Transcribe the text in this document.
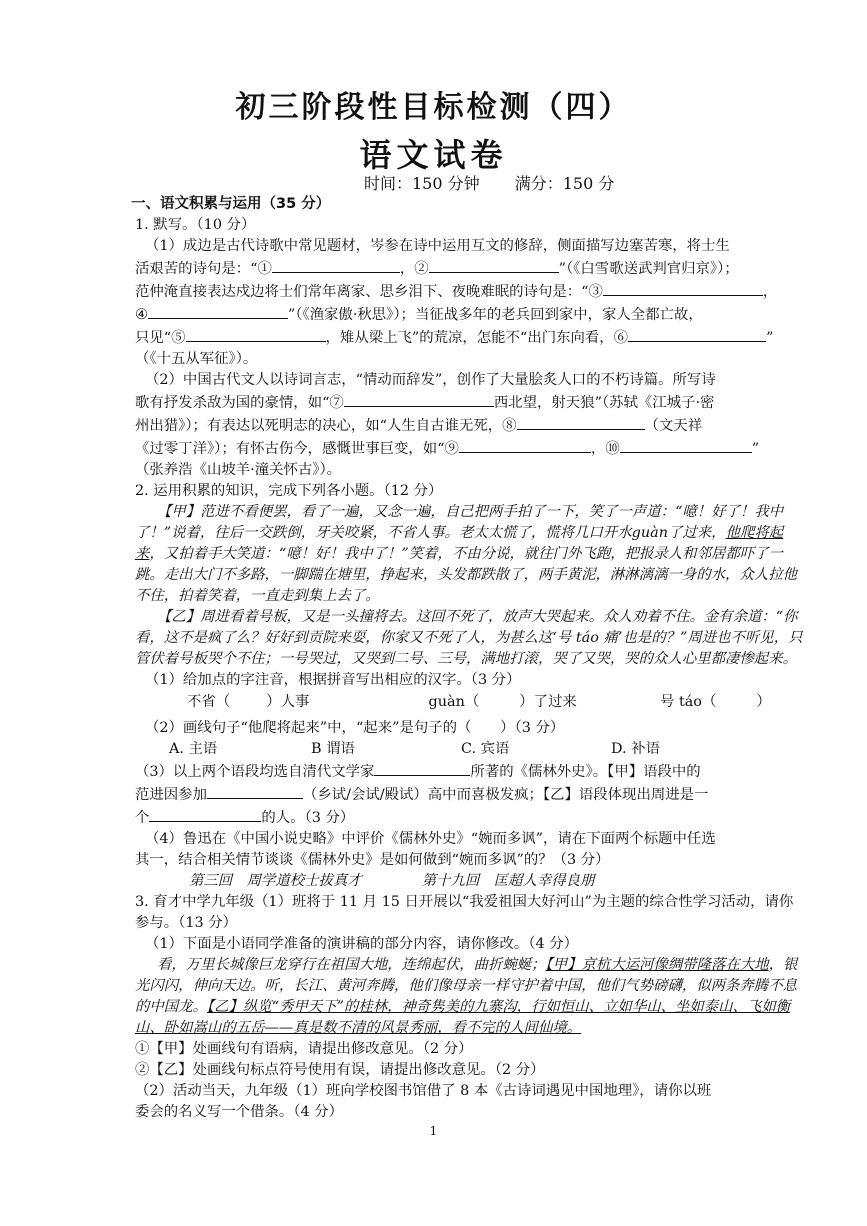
初三阶段性目标检测（四）
语文试卷
时间：150 分钟 满分：150 分
一、语文积累与运用（35 分）
1. 默写。（10 分）
（1）成边是古代诗歌中常见题材，岑参在诗中运用互文的修辞，侧面描写边塞苦寒，将士生
活艰苦的诗句是：“①	，②	”（《白雪歌送武判官归京》）；
范仲淹直接表达戍边将士们常年离家、思乡泪下、夜晚难眠的诗句是：“③	，
④	”（《渔家傲·秋思》）；当征战多年的老兵回到家中，家人全都亡故，
只见“⑤	，雉从梁上飞”的荒凉，怎能不“出门东向看，⑥	”
（《十五从军征》）。
（2）中国古代文人以诗词言志，“情动而辞发”，创作了大量脍炙人口的不朽诗篇。所写诗
歌有抒发杀敌为国的豪情，如“⑦	西北望，射天狼”（苏轼《江城子·密
州出猎》）；有表达以死明志的决心，如“人生自古谁无死，⑧	（文天祥
《过零丁洋》）；有怀古伤今，感慨世事巨变，如“⑨	，⑩	”
（张养浩《山坡羊·潼关怀古》）。
2. 运用积累的知识，完成下列各小题。（12 分）
【甲】范进不看便罢，看了一遍，又念一遍，自己把两手拍了一下，笑了一声道：“噫！好了！我中了！”说着，往后一交跌倒，牙关咬紧，不省人事。老太太慌了，慌将几口开水guàn了过来，他爬将起来，又拍着手大笑道：“噫！好！我中了！”笑着，不由分说，就往门外飞跑，把报录人和邻居都吓了一跳。走出大门不多路，一脚踹在塘里，挣起来，头发都跌散了，两手黄泥，淋淋漓漓一身的水，众人拉他不住，拍着笑着，一直走到集上去了。
【乙】周进看着号板，又是一头撞将去。这回不死了，放声大哭起来。众人劝着不住。金有余道：“你看，这不是疯了么？好好到贡院来耍，你家又不死了人，为甚么这‘号 táo 痛’也是的？”周进也不听见，只管伏着号板哭个不住；一号哭过，又哭到二号、三号，满地打滚，哭了又哭，哭的众人心里都凄惨起来。
（1）给加点的字注音，根据拼音写出相应的汉字。（3 分）
不省（	）人事	guàn（	）了过来	号 táo（	）
（2）画线句子“他爬将起来”中，“起来”是句子的（　　）（3 分）
A. 主语	B 谓语	C. 宾语	D. 补语
（3）以上两个语段均选自清代文学家	所著的《儒林外史》。【甲】语段中的
范进因参加	（乡试/会试/殿试）高中而喜极发疯；【乙】语段体现出周进是一
个	的人。（3 分）
（4）鲁迅在《中国小说史略》中评价《儒林外史》“婉而多讽”，请在下面两个标题中任选
其一，结合相关情节谈谈《儒林外史》是如何做到“婉而多讽”的？（3 分）
第三回　周学道校士拔真才	第十九回　匡超人幸得良朋
3. 育才中学九年级（1）班将于 11 月 15 日开展以“我爱祖国大好河山”为主题的综合性学习活动，请你参与。（13 分）
（1）下面是小语同学准备的演讲稿的部分内容，请你修改。（4 分）
看，万里长城像巨龙穿行在祖国大地，连绵起伏，曲折蜿蜒；【甲】京杭大运河像绸带隆落在大地，银光闪闪，伸向天边。听，长江、黄河奔腾，他们像母亲一样守护着中国，他们气势磅礴，似两条奔腾不息的中国龙。【乙】纵览“秀甲天下”的桂林，神奇隽美的九寨沟，行如恒山、立如华山、坐如泰山、飞如衡山、卧如嵩山的五岳——真是数不清的风景秀丽，看不完的人间仙境。
①【甲】处画线句有语病，请提出修改意见。（2 分）
②【乙】处画线句标点符号使用有误，请提出修改意见。（2 分）
（2）活动当天，九年级（1）班向学校图书馆借了 8 本《古诗词遇见中国地理》，请你以班
委会的名义写一个借条。（4 分）
1
